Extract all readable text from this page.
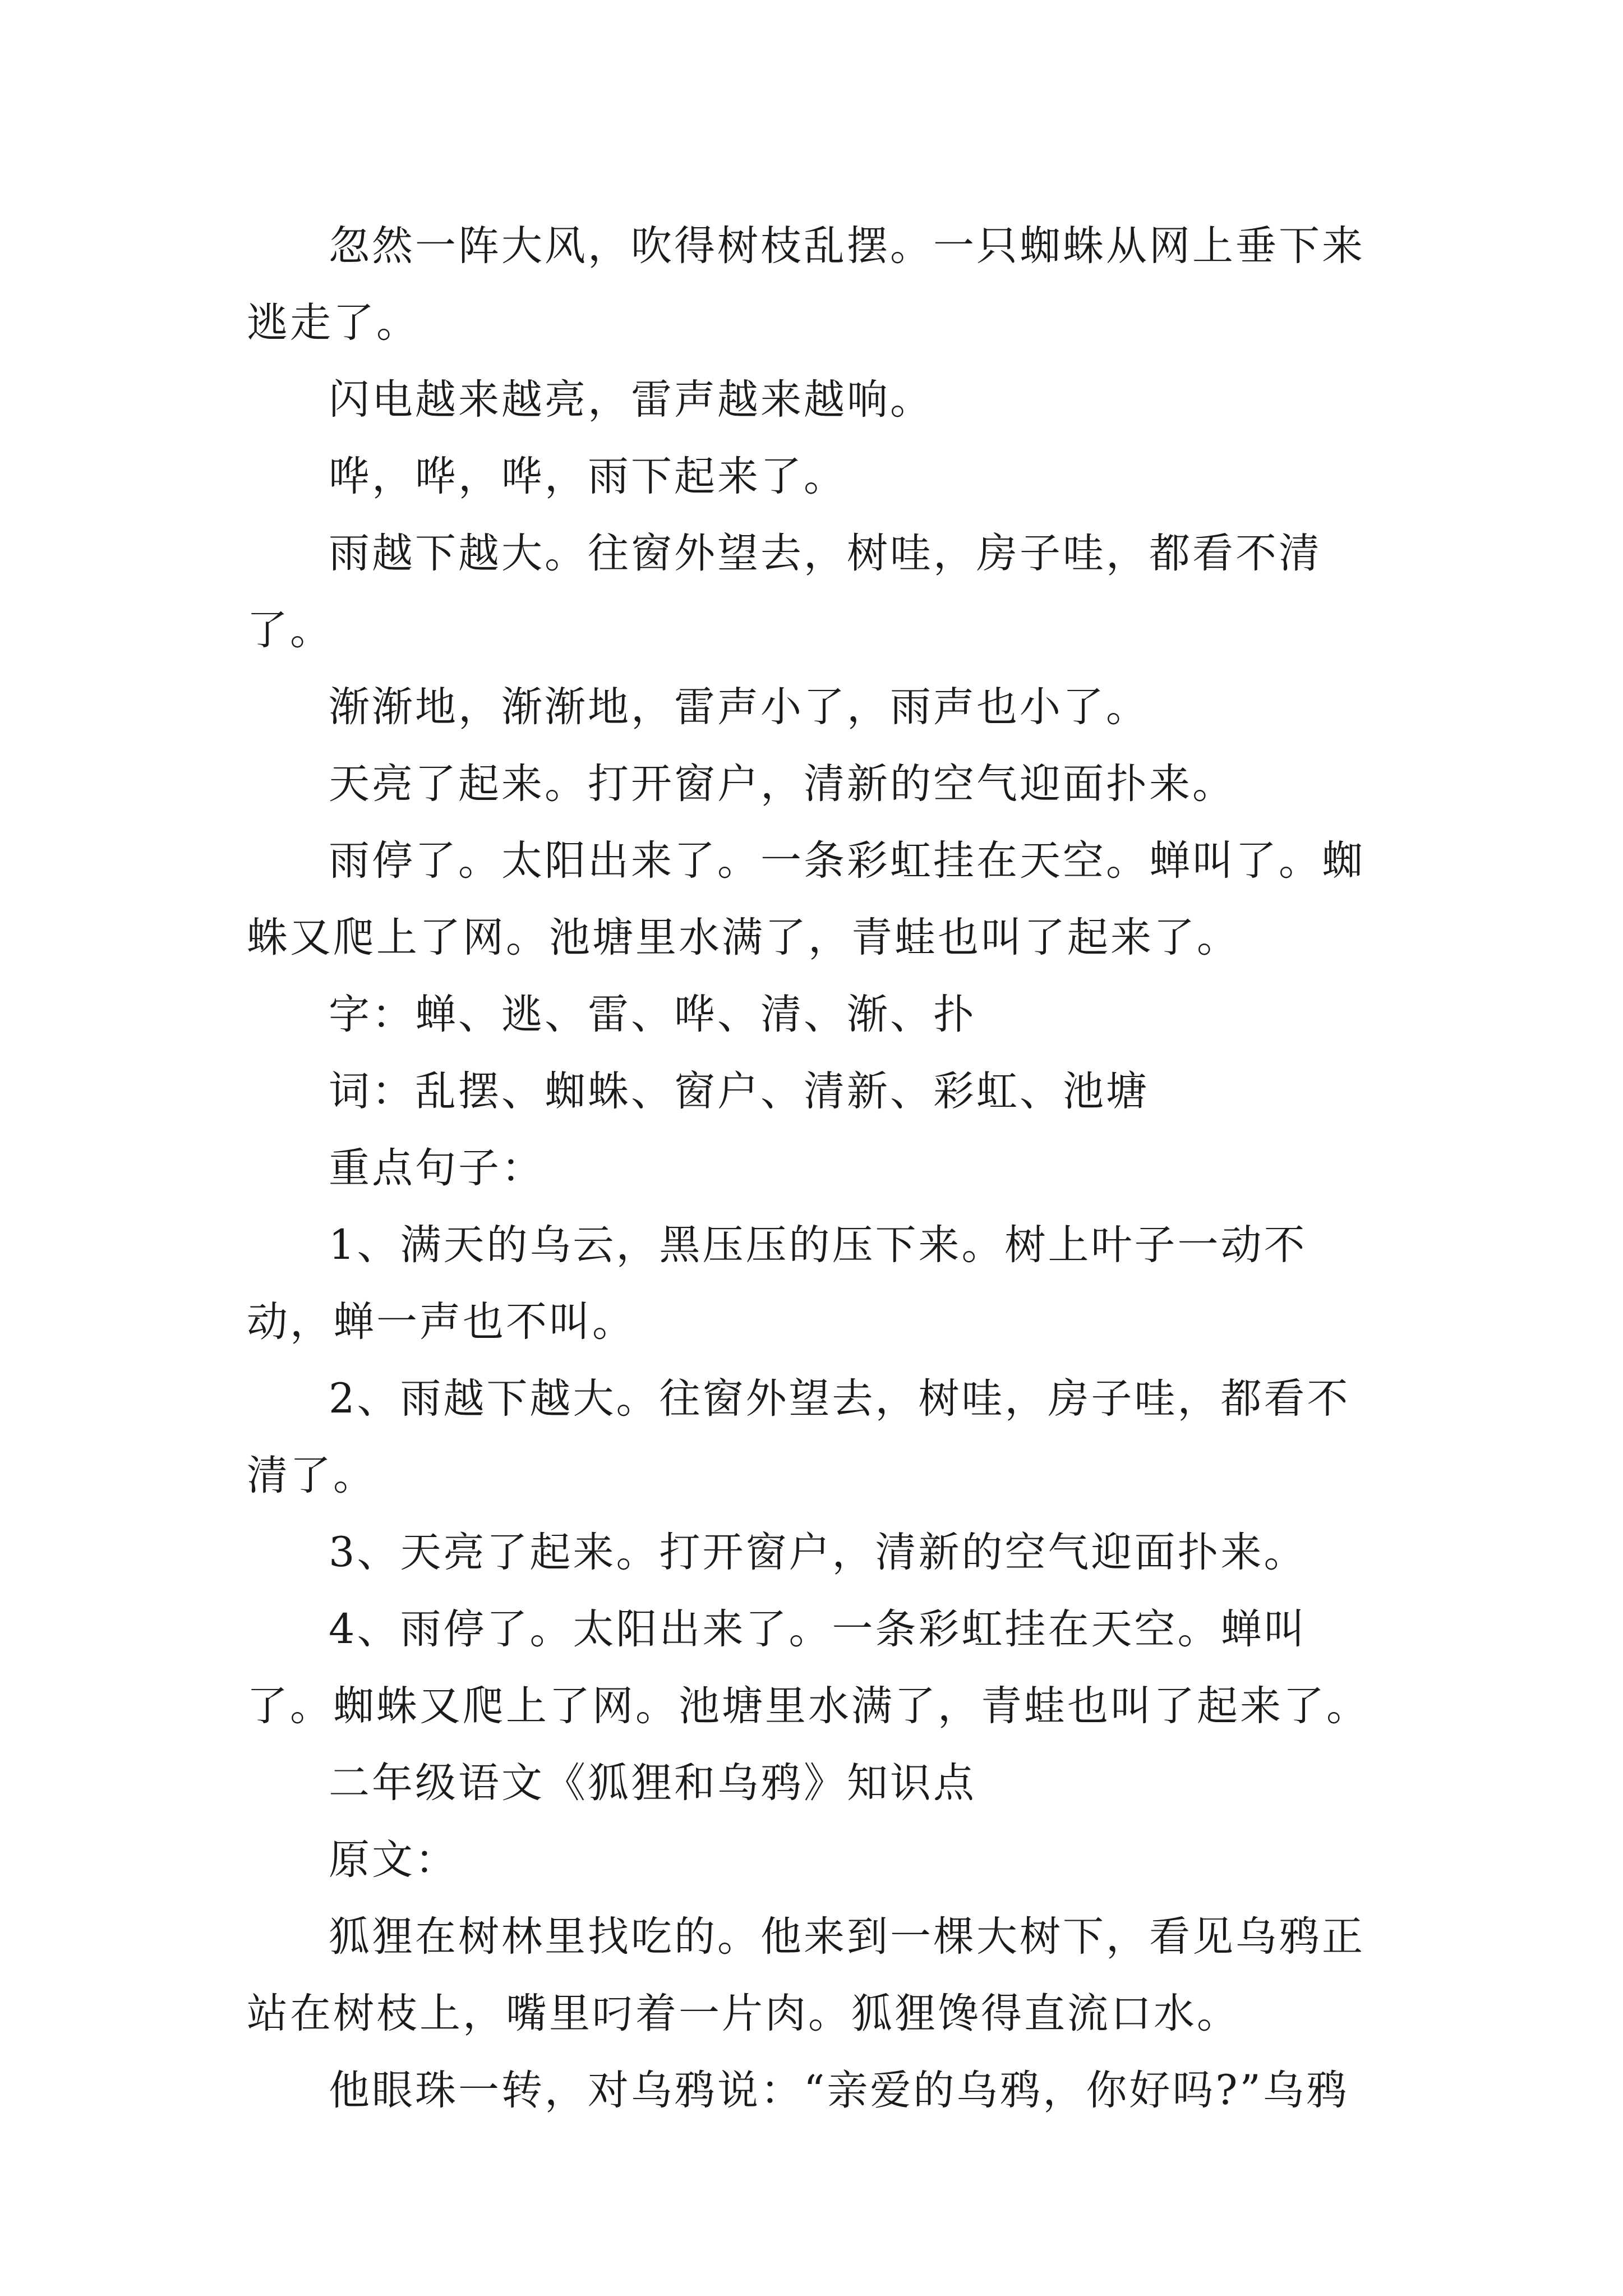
忽然一阵大风，吹得树枝乱摆。一只蜘蛛从网上垂下来逃走了。

闪电越来越亮，雷声越来越响。

哗，哗，哗，雨下起来了。

雨越下越大。往窗外望去，树哇，房子哇，都看不清了。

渐渐地，渐渐地，雷声小了，雨声也小了。

天亮了起来。打开窗户，清新的空气迎面扑来。

雨停了。太阳出来了。一条彩虹挂在天空。蝉叫了。蜘蛛又爬上了网。池塘里水满了，青蛙也叫了起来了。

字：蝉、逃、雷、哗、清、渐、扑

词：乱摆、蜘蛛、窗户、清新、彩虹、池塘

重点句子：

1、满天的乌云，黑压压的压下来。树上叶子一动不动，蝉一声也不叫。

2、雨越下越大。往窗外望去，树哇，房子哇，都看不清了。

3、天亮了起来。打开窗户，清新的空气迎面扑来。

4、雨停了。太阳出来了。一条彩虹挂在天空。蝉叫了。蜘蛛又爬上了网。池塘里水满了，青蛙也叫了起来了。

二年级语文《狐狸和乌鸦》知识点

原文：

狐狸在树林里找吃的。他来到一棵大树下，看见乌鸦正站在树枝上，嘴里叼着一片肉。狐狸馋得直流口水。

他眼珠一转，对乌鸦说：“亲爱的乌鸦，你好吗?”乌鸦
